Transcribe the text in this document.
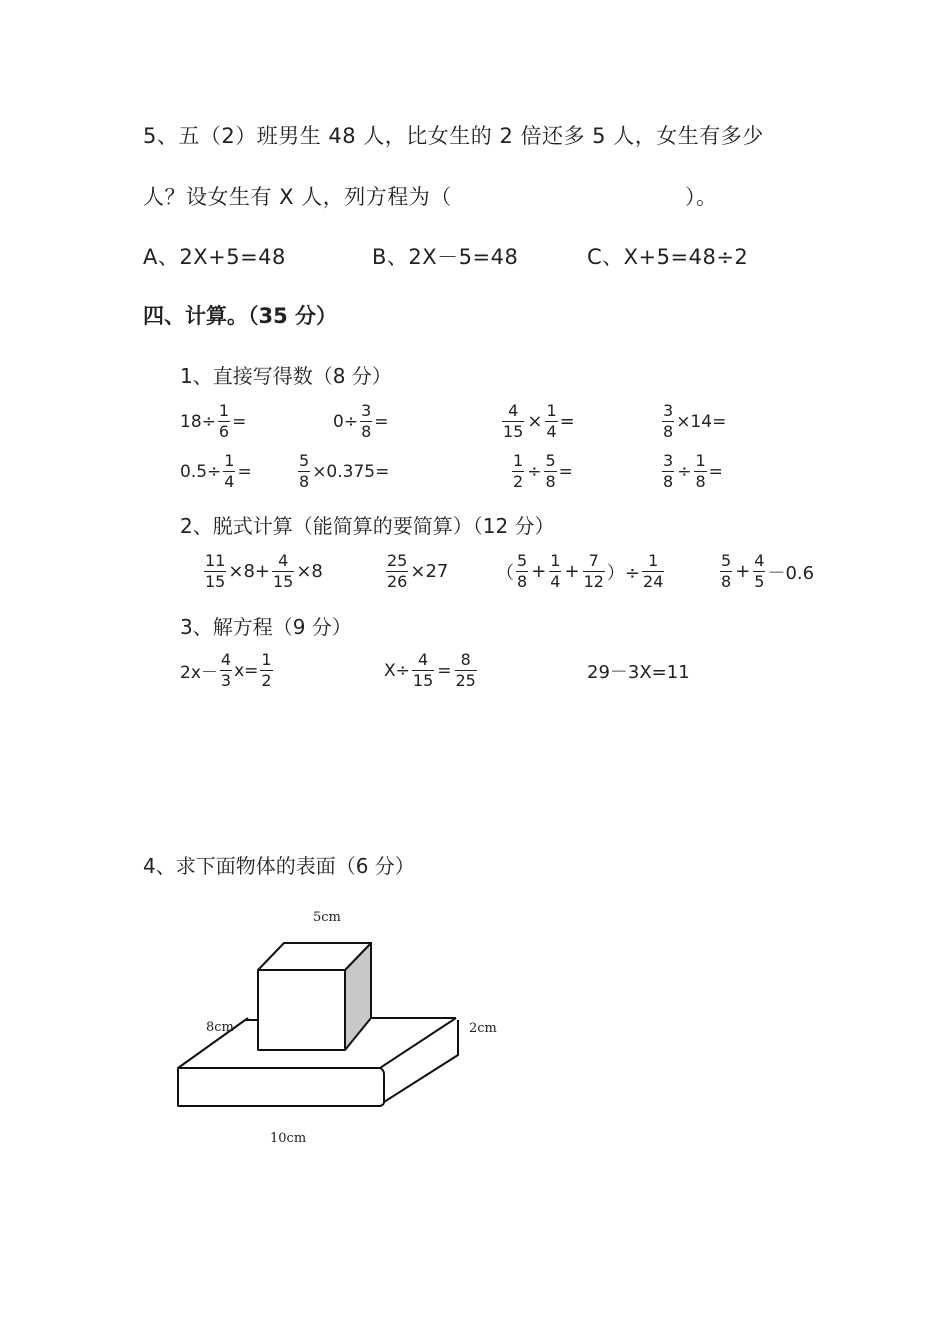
5、五（2）班男生 48 人，比女生的 2 倍还多 5 人，女生有多少
人？设女生有 X 人，列方程为（	）。
A、2X+5=48	B、2X－5=48	C、X+5=48÷2
四、计算。（35 分）
1、直接写得数（8 分）
$18\div \frac{1}{6}$ =	$0\div \frac{3}{8}$ =	$\frac{4}{15} \times \frac{1}{4}$ =	$\frac{3}{8} \times 14=$
$0.5\div \frac{1}{4}$ =	$\frac{5}{8} \times 0.375=$	$\frac{1}{2} \div \frac{5}{8}$ =	$\frac{3}{8} \div \frac{1}{8}$ =
2、脱式计算（能简算的要简算）（12 分）
$\frac{11}{15} \times 8+ \frac{4}{15} \times 8$	$\frac{25}{26} \times 27$	（ $\frac{5}{8} + \frac{1}{4} + \frac{7}{12}$ ）÷ $\frac{1}{24}$	$\frac{5}{8} + \frac{4}{5} -0.6$
3、解方程（9 分）
$2x- \frac{4}{3} x= \frac{1}{2}$	$X\div \frac{4}{15} = \frac{8}{25}$	29－3X=11
4、求下面物体的表面（6 分）
5cm
8cm	2cm
10cm
